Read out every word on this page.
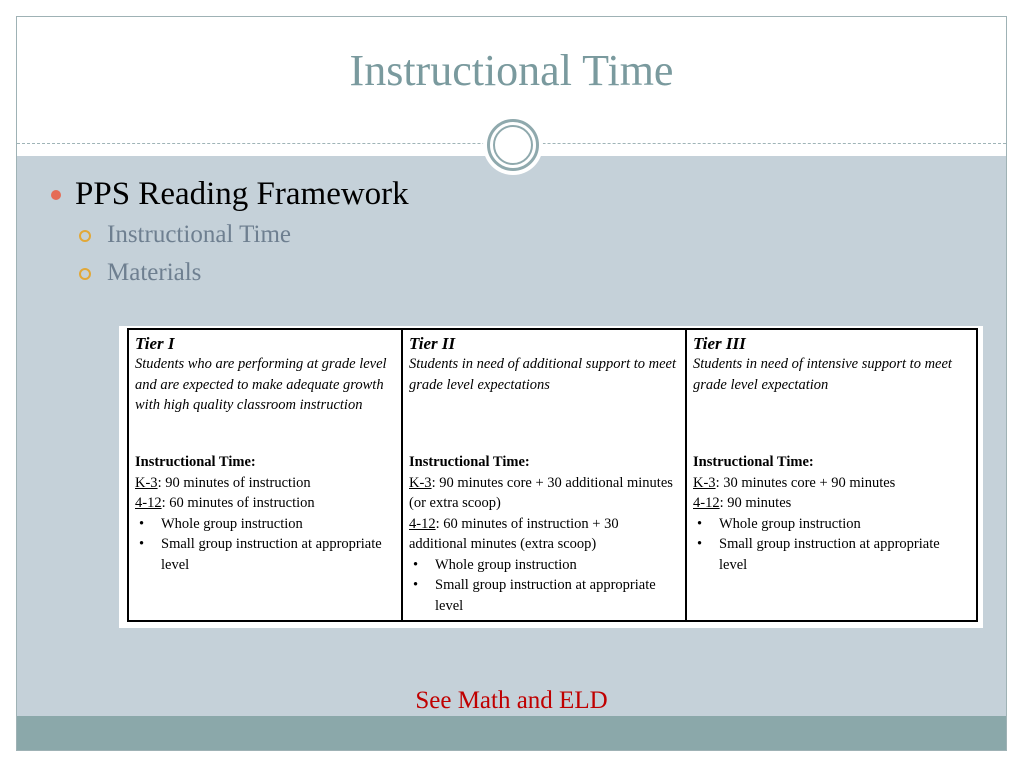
Instructional Time
PPS Reading Framework
Instructional Time
Materials
Tier I
Students who are performing at grade level and are expected to make adequate growth with high quality classroom instruction
Instructional Time:
K-3: 90 minutes of instruction
4-12: 60 minutes of instruction
• Whole group instruction
• Small group instruction at appropriate level

Tier II
Students in need of additional support to meet grade level expectations
Instructional Time:
K-3: 90 minutes core + 30 additional minutes (or extra scoop)
4-12: 60 minutes of instruction + 30 additional minutes (extra scoop)
• Whole group instruction
• Small group instruction at appropriate level

Tier III
Students in need of intensive support to meet grade level expectation
Instructional Time:
K-3: 30 minutes core + 90 minutes
4-12: 90 minutes
• Whole group instruction
• Small group instruction at appropriate level
See Math and ELD
